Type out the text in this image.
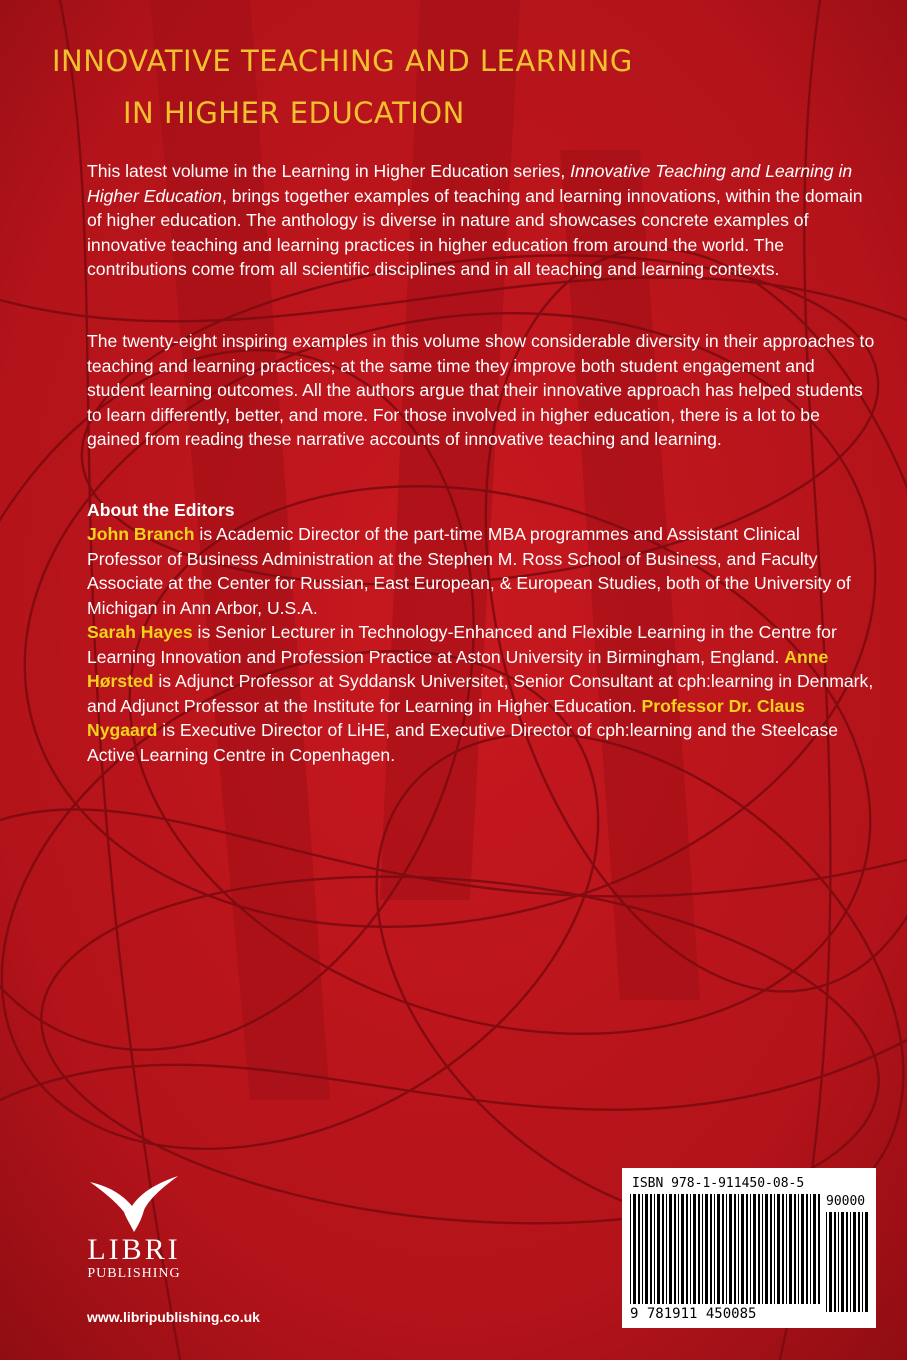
INNOVATIVE TEACHING AND LEARNING
IN HIGHER EDUCATION

This latest volume in the Learning in Higher Education series, Innovative Teaching and Learning in Higher Education, brings together examples of teaching and learning innovations, within the domain of higher education. The anthology is diverse in nature and showcases concrete examples of innovative teaching and learning practices in higher education from around the world. The contributions come from all scientific disciplines and in all teaching and learning contexts.

The twenty-eight inspiring examples in this volume show considerable diversity in their approaches to teaching and learning practices; at the same time they improve both student engagement and student learning outcomes. All the authors argue that their innovative approach has helped students to learn differently, better, and more. For those involved in higher education, there is a lot to be gained from reading these narrative accounts of innovative teaching and learning.

About the Editors

John Branch is Academic Director of the part-time MBA programmes and Assistant Clinical Professor of Business Administration at the Stephen M. Ross School of Business, and Faculty Associate at the Center for Russian, East European, & European Studies, both of the University of Michigan in Ann Arbor, U.S.A.
Sarah Hayes is Senior Lecturer in Technology-Enhanced and Flexible Learning in the Centre for Learning Innovation and Profession Practice at Aston University in Birmingham, England. Anne Hørsted is Adjunct Professor at Syddansk Universitet, Senior Consultant at cph:learning in Denmark, and Adjunct Professor at the Institute for Learning in Higher Education. Professor Dr. Claus Nygaard is Executive Director of LiHE, and Executive Director of cph:learning and the Steelcase Active Learning Centre in Copenhagen.

LIBRI
PUBLISHING
www.libripublishing.co.uk
ISBN 978-1-911450-08-5
90000
9 781911 450085
